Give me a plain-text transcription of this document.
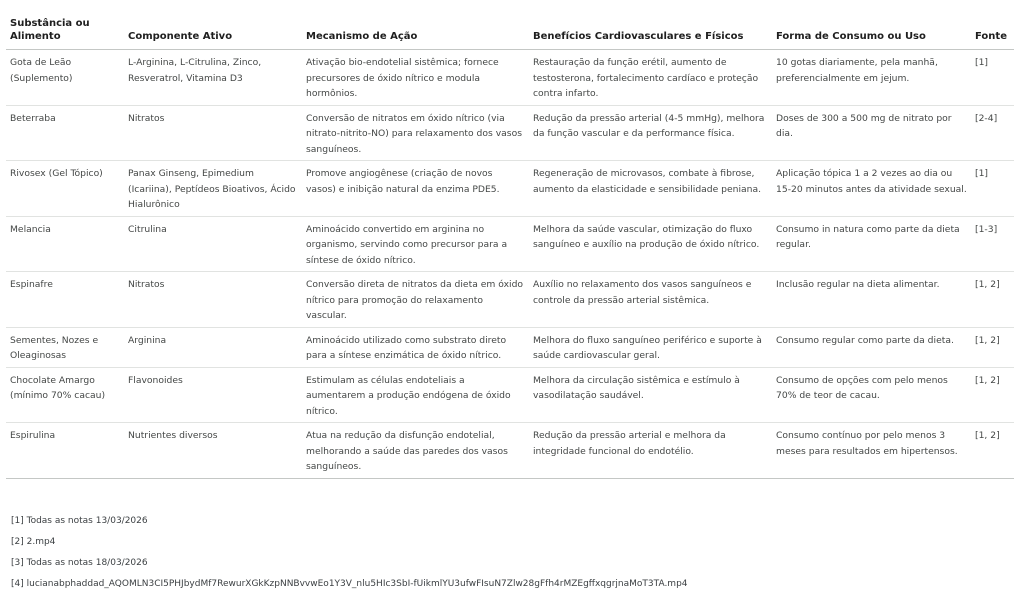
Substância ou Alimento	Componente Ativo	Mecanismo de Ação	Benefícios Cardiovasculares e Físicos	Forma de Consumo ou Uso	Fonte
Gota de Leão (Suplemento)	L-Arginina, L-Citrulina, Zinco, Resveratrol, Vitamina D3	Ativação bio-endotelial sistêmica; fornece precursores de óxido nítrico e modula hormônios.	Restauração da função erétil, aumento de testosterona, fortalecimento cardíaco e proteção contra infarto.	10 gotas diariamente, pela manhã, preferencialmente em jejum.	[1]
Beterraba	Nitratos	Conversão de nitratos em óxido nítrico (via nitrato-nitrito-NO) para relaxamento dos vasos sanguíneos.	Redução da pressão arterial (4-5 mmHg), melhora da função vascular e da performance física.	Doses de 300 a 500 mg de nitrato por dia.	[2-4]
Rivosex (Gel Tópico)	Panax Ginseng, Epimedium (Icariina), Peptídeos Bioativos, Ácido Hialurônico	Promove angiogênese (criação de novos vasos) e inibição natural da enzima PDE5.	Regeneração de microvasos, combate à fibrose, aumento da elasticidade e sensibilidade peniana.	Aplicação tópica 1 a 2 vezes ao dia ou 15-20 minutos antes da atividade sexual.	[1]
Melancia	Citrulina	Aminoácido convertido em arginina no organismo, servindo como precursor para a síntese de óxido nítrico.	Melhora da saúde vascular, otimização do fluxo sanguíneo e auxílio na produção de óxido nítrico.	Consumo in natura como parte da dieta regular.	[1-3]
Espinafre	Nitratos	Conversão direta de nitratos da dieta em óxido nítrico para promoção do relaxamento vascular.	Auxílio no relaxamento dos vasos sanguíneos e controle da pressão arterial sistêmica.	Inclusão regular na dieta alimentar.	[1, 2]
Sementes, Nozes e Oleaginosas	Arginina	Aminoácido utilizado como substrato direto para a síntese enzimática de óxido nítrico.	Melhora do fluxo sanguíneo periférico e suporte à saúde cardiovascular geral.	Consumo regular como parte da dieta.	[1, 2]
Chocolate Amargo (mínimo 70% cacau)	Flavonoides	Estimulam as células endoteliais a aumentarem a produção endógena de óxido nítrico.	Melhora da circulação sistêmica e estímulo à vasodilatação saudável.	Consumo de opções com pelo menos 70% de teor de cacau.	[1, 2]
Espirulina	Nutrientes diversos	Atua na redução da disfunção endotelial, melhorando a saúde das paredes dos vasos sanguíneos.	Redução da pressão arterial e melhora da integridade funcional do endotélio.	Consumo contínuo por pelo menos 3 meses para resultados em hipertensos.	[1, 2]
[1] Todas as notas 13/03/2026
[2] 2.mp4
[3] Todas as notas 18/03/2026
[4] lucianabphaddad_AQOMLN3CI5PHJbydMf7RewurXGkKzpNNBvvwEo1Y3V_nlu5HIc3SbI-fUikmlYU3ufwFIsuN7Zlw28gFfh4rMZEgffxqgrjnaMoT3TA.mp4
